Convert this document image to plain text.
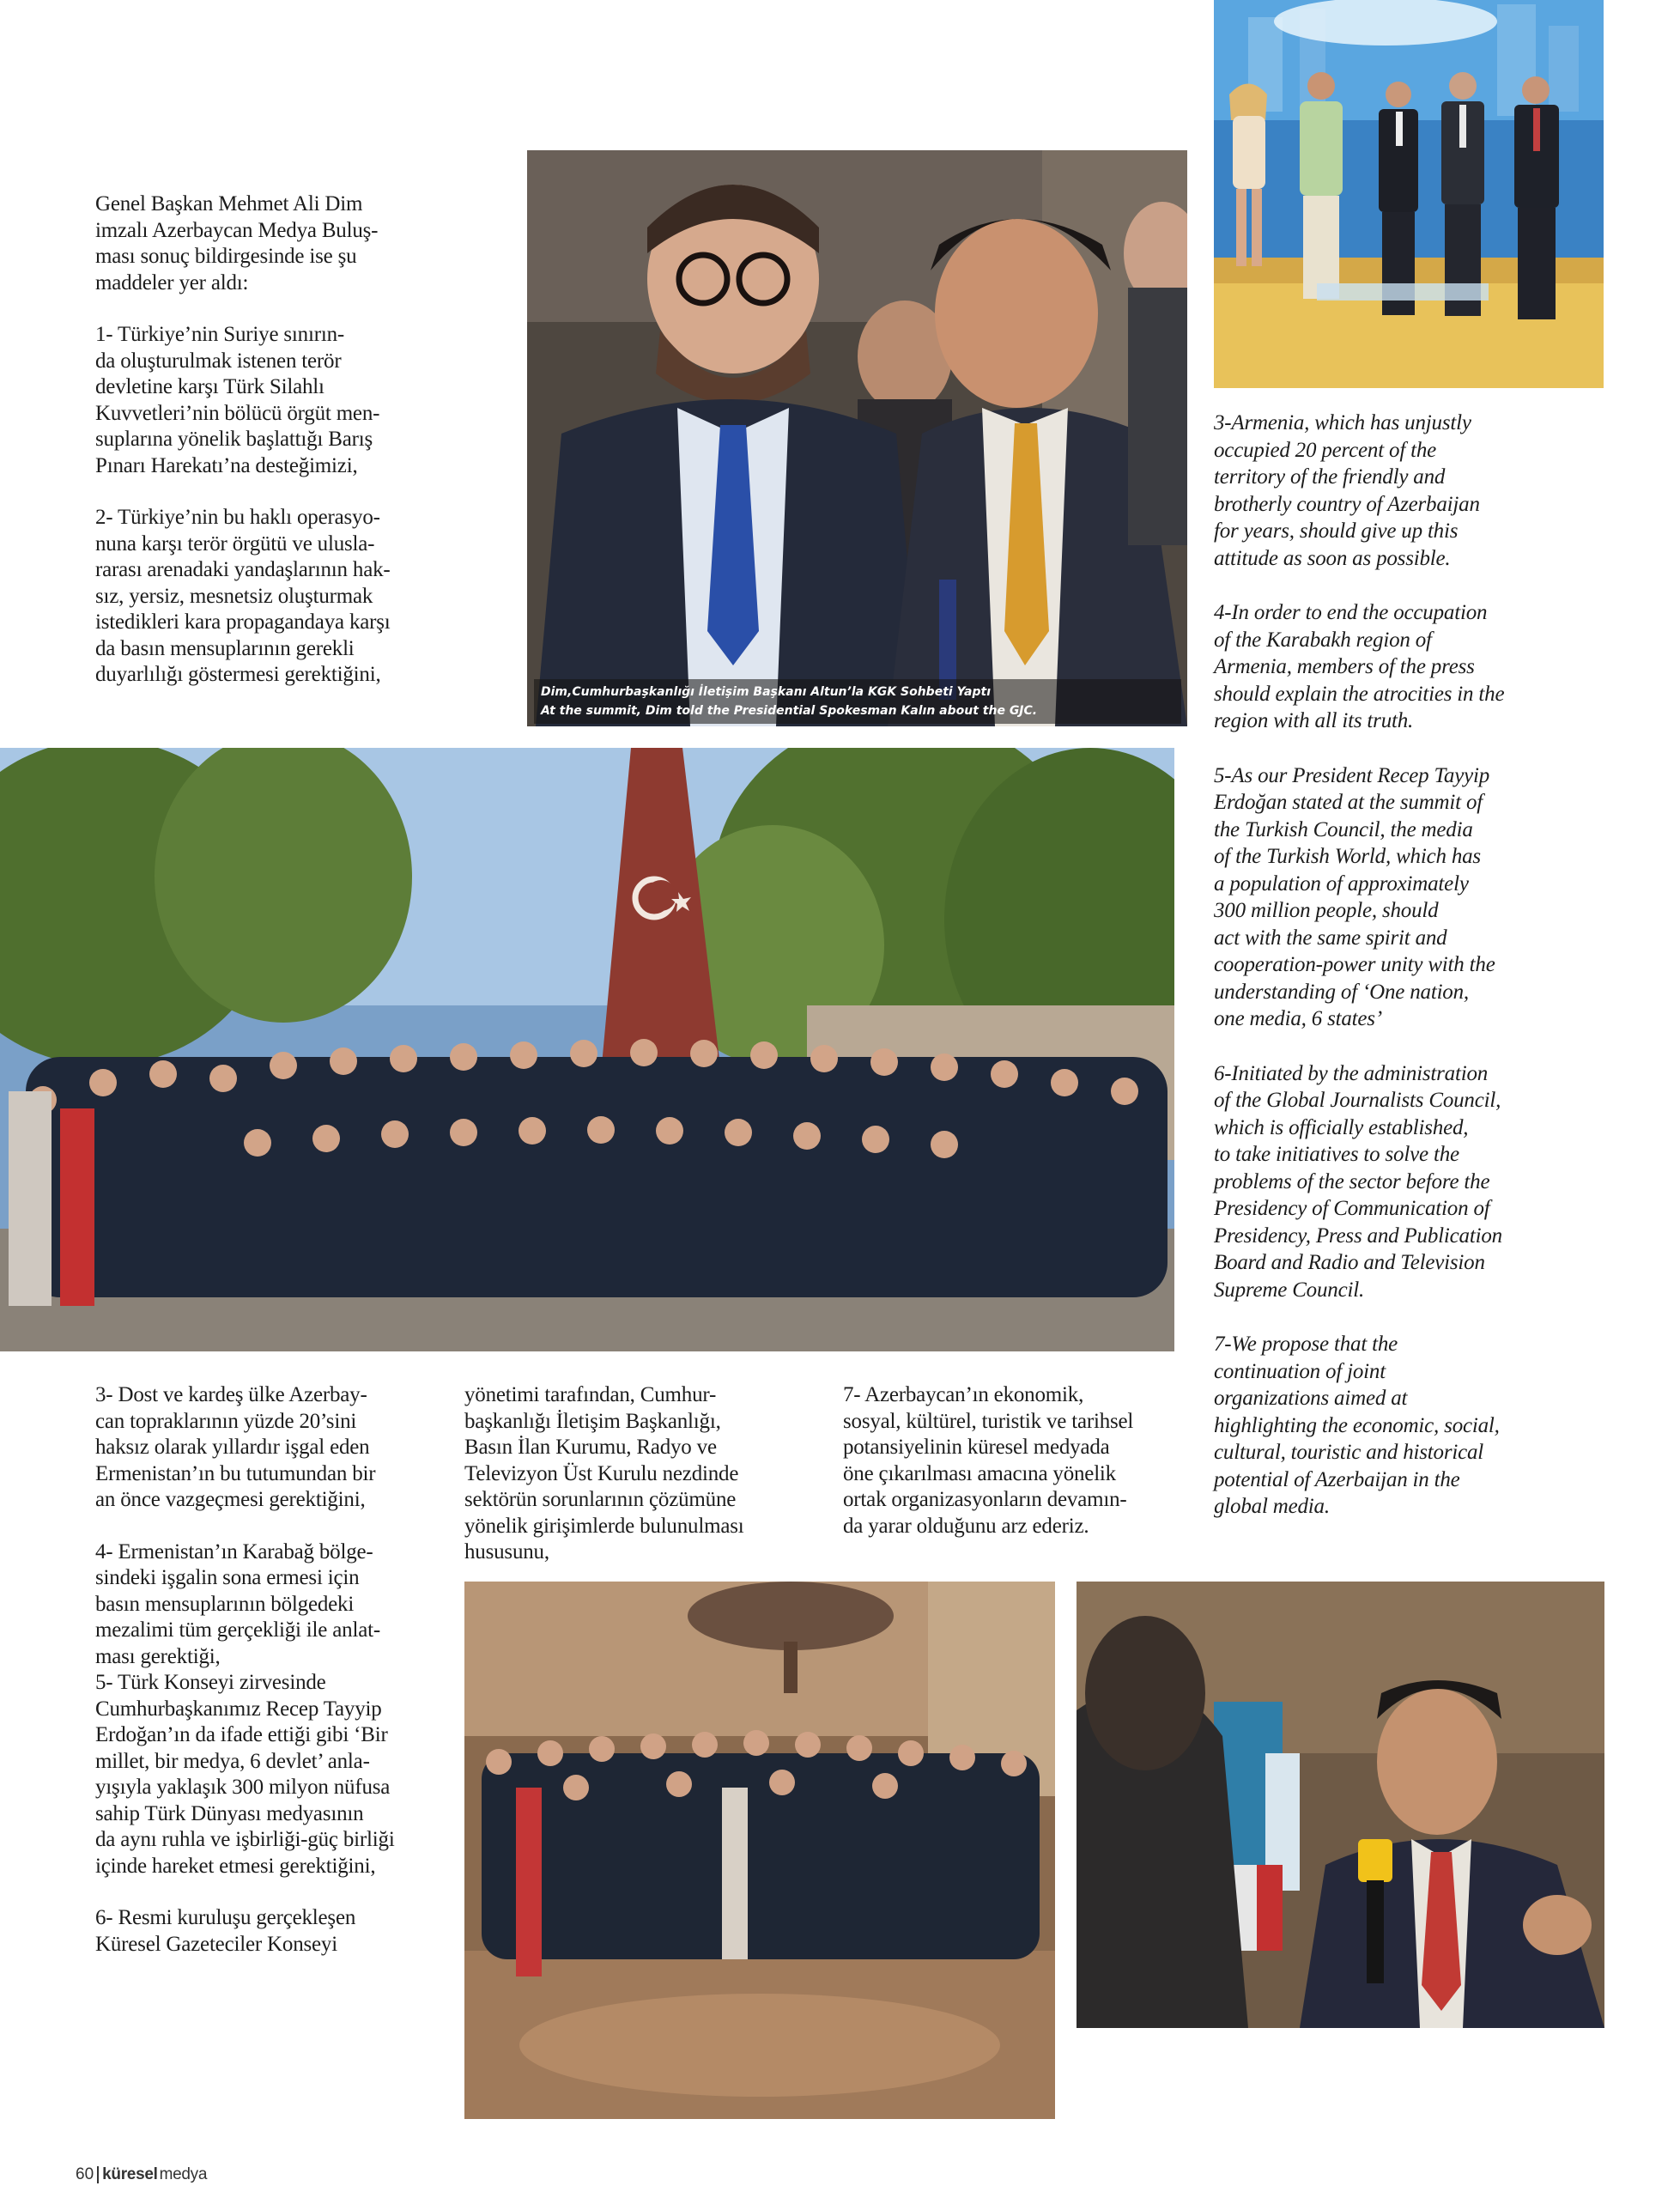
Dim,Cumhurbaşkanlığı İletişim Başkanı Altun’la KGK Sohbeti Yaptı
At the summit, Dim told the Presidential Spokesman Kalın about the GJC.

Genel Başkan Mehmet Ali Dim
imzalı Azerbaycan Medya Buluş-
ması sonuç bildirgesinde ise şu
maddeler yer aldı:

1- Türkiye’nin Suriye sınırın-
da oluşturulmak istenen terör
devletine karşı Türk Silahlı
Kuvvetleri’nin bölücü örgüt men-
suplarına yönelik başlattığı Barış
Pınarı Harekatı’na desteğimizi,

2- Türkiye’nin bu haklı operasyo-
nuna karşı terör örgütü ve ulusla-
rarası arenadaki yandaşlarının hak-
sız, yersiz, mesnetsiz oluşturmak
istedikleri kara propagandaya karşı
da basın mensuplarının gerekli
duyarlılığı göstermesi gerektiğini,

3-Armenia, which has unjustly
occupied 20 percent of the
territory of the friendly and
brotherly country of Azerbaijan
for years, should give up this
attitude as soon as possible.

4-In order to end the occupation
of the Karabakh region of
Armenia, members of the press
should explain the atrocities in the
region with all its truth.

5-As our President Recep Tayyip
Erdoğan stated at the summit of
the Turkish Council, the media
of the Turkish World, which has
a population of approximately
300 million people, should
act with the same spirit and
cooperation-power unity with the
understanding of ‘One nation,
one media, 6 states’

6-Initiated by the administration
of the Global Journalists Council,
which is officially established,
to take initiatives to solve the
problems of the sector before the
Presidency of Communication of
Presidency, Press and Publication
Board and Radio and Television
Supreme Council.

7-We propose that the
continuation of joint
organizations aimed at
highlighting the economic, social,
cultural, touristic and historical
potential of Azerbaijan in the
global media.

3- Dost ve kardeş ülke Azerbay-
can topraklarının yüzde 20’sini
haksız olarak yıllardır işgal eden
Ermenistan’ın bu tutumundan bir
an önce vazgeçmesi gerektiğini,

4- Ermenistan’ın Karabağ bölge-
sindeki işgalin sona ermesi için
basın mensuplarının bölgedeki
mezalimi tüm gerçekliği ile anlat-
ması gerektiği,
5- Türk Konseyi zirvesinde
Cumhurbaşkanımız Recep Tayyip
Erdoğan’ın da ifade ettiği gibi ‘Bir
millet, bir medya, 6 devlet’ anla-
yışıyla yaklaşık 300 milyon nüfusa
sahip Türk Dünyası medyasının
da aynı ruhla ve işbirliği-güç birliği
içinde hareket etmesi gerektiğini,

6- Resmi kuruluşu gerçekleşen
Küresel Gazeteciler Konseyi

yönetimi tarafından, Cumhur-
başkanlığı İletişim Başkanlığı,
Basın İlan Kurumu, Radyo ve
Televizyon Üst Kurulu nezdinde
sektörün sorunlarının çözümüne
yönelik girişimlerde bulunulması
hususunu,

7- Azerbaycan’ın ekonomik,
sosyal, kültürel, turistik ve tarihsel
potansiyelinin küresel medyada
öne çıkarılması amacına yönelik
ortak organizasyonların devamın-
da yarar olduğunu arz ederiz.

60 küresel medya
